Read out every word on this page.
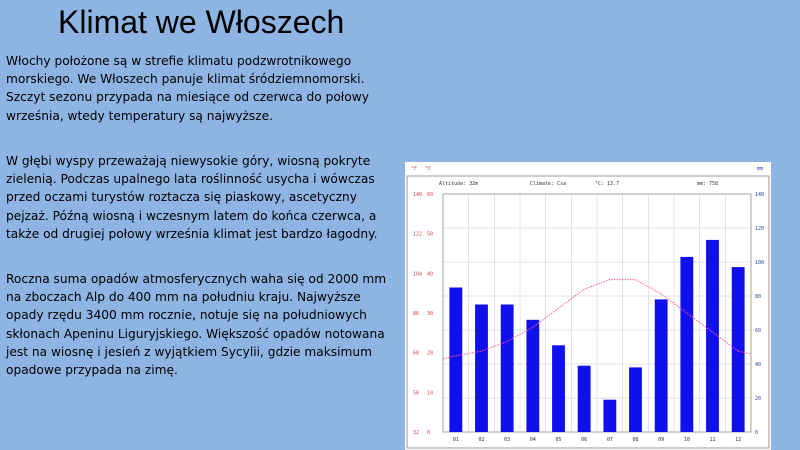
Klimat we Włoszech

Włochy położone są w strefie klimatu podzwrotnikowego morskiego. We Włoszech panuje klimat śródziemnomorski. Szczyt sezonu przypada na miesiące od czerwca do połowy września, wtedy temperatury są najwyższe.

W głębi wyspy przeważają niewysokie góry, wiosną pokryte zielenią. Podczas upalnego lata roślinność usycha i wówczas przed oczami turystów roztacza się piaskowy, ascetyczny pejzaż. Późną wiosną i wczesnym latem do końca czerwca, a także od drugiej połowy września klimat jest bardzo łagodny.

Roczna suma opadów atmosferycznych waha się od 2000 mm na zboczach Alp do 400 mm na południu kraju. Najwyższe opady rzędu 3400 mm rocznie, notuje się na południowych skłonach Apeninu Liguryjskiego. Większość opadów notowana jest na wiosnę i jesień z wyjątkiem Sycylii, gdzie maksimum opadowe przypada na zimę.

°F °C	mm
Altitude: 32m	Climate: Csa	°C: 13.7	mm: 758
140
122
104
86
68
50
32
60
50
40
30
20
10
0
140
120
100
80
60
40
20
0
01	02	03	04	05	06	07	08	09	10	11	12
